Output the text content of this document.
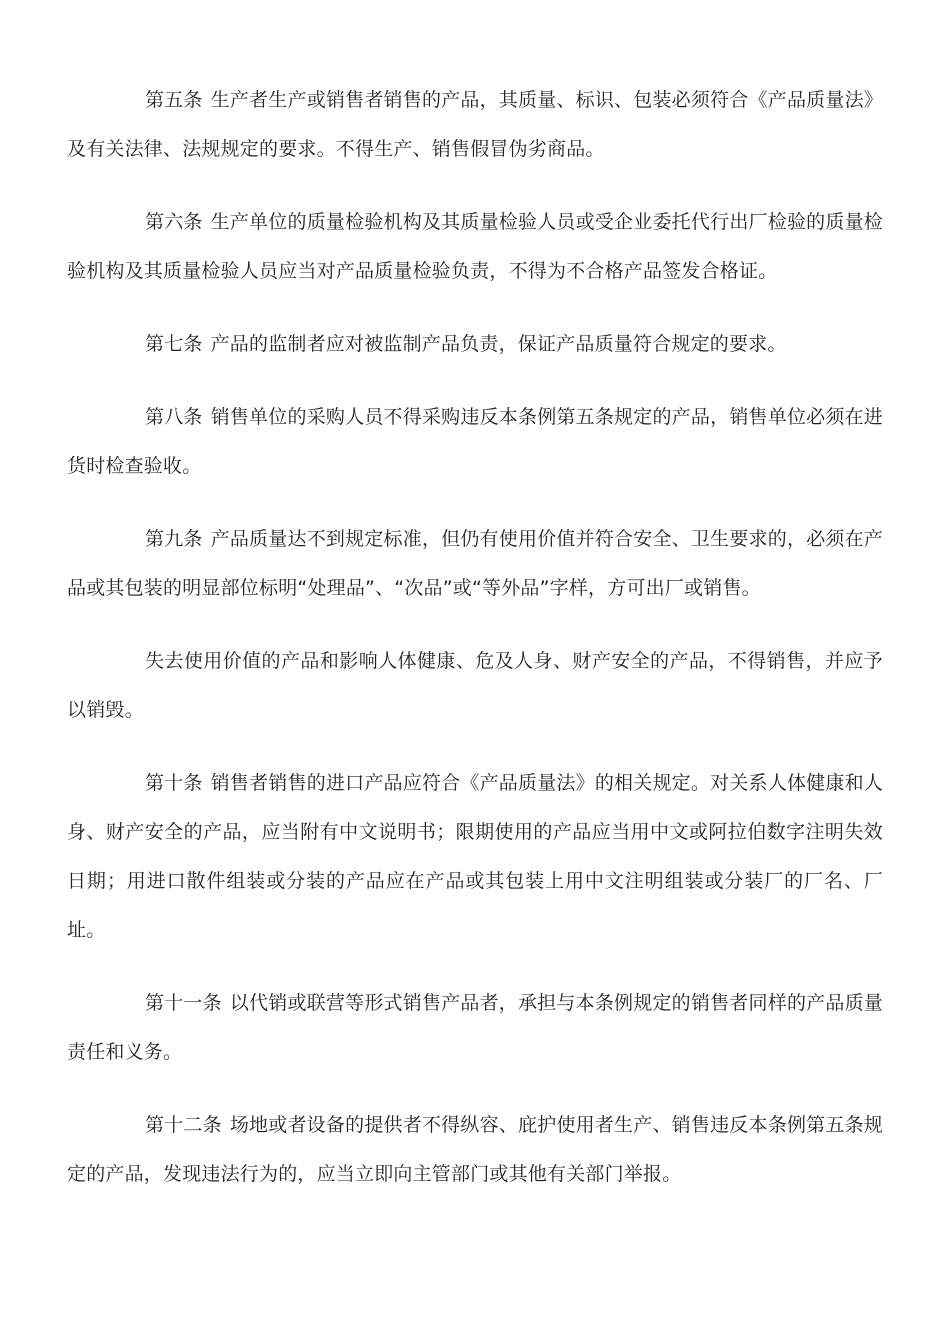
第五条 生产者生产或销售者销售的产品，其质量、标识、包装必须符合《产品质量法》及有关法律、法规规定的要求。不得生产、销售假冒伪劣商品。

第六条 生产单位的质量检验机构及其质量检验人员或受企业委托代行出厂检验的质量检验机构及其质量检验人员应当对产品质量检验负责，不得为不合格产品签发合格证。

第七条 产品的监制者应对被监制产品负责，保证产品质量符合规定的要求。

第八条 销售单位的采购人员不得采购违反本条例第五条规定的产品，销售单位必须在进货时检查验收。

第九条 产品质量达不到规定标准，但仍有使用价值并符合安全、卫生要求的，必须在产品或其包装的明显部位标明“处理品”、“次品”或“等外品”字样，方可出厂或销售。

失去使用价值的产品和影响人体健康、危及人身、财产安全的产品，不得销售，并应予以销毁。

第十条 销售者销售的进口产品应符合《产品质量法》的相关规定。对关系人体健康和人身、财产安全的产品，应当附有中文说明书；限期使用的产品应当用中文或阿拉伯数字注明失效日期；用进口散件组装或分装的产品应在产品或其包装上用中文注明组装或分装厂的厂名、厂址。

第十一条 以代销或联营等形式销售产品者，承担与本条例规定的销售者同样的产品质量责任和义务。

第十二条 场地或者设备的提供者不得纵容、庇护使用者生产、销售违反本条例第五条规定的产品，发现违法行为的，应当立即向主管部门或其他有关部门举报。
